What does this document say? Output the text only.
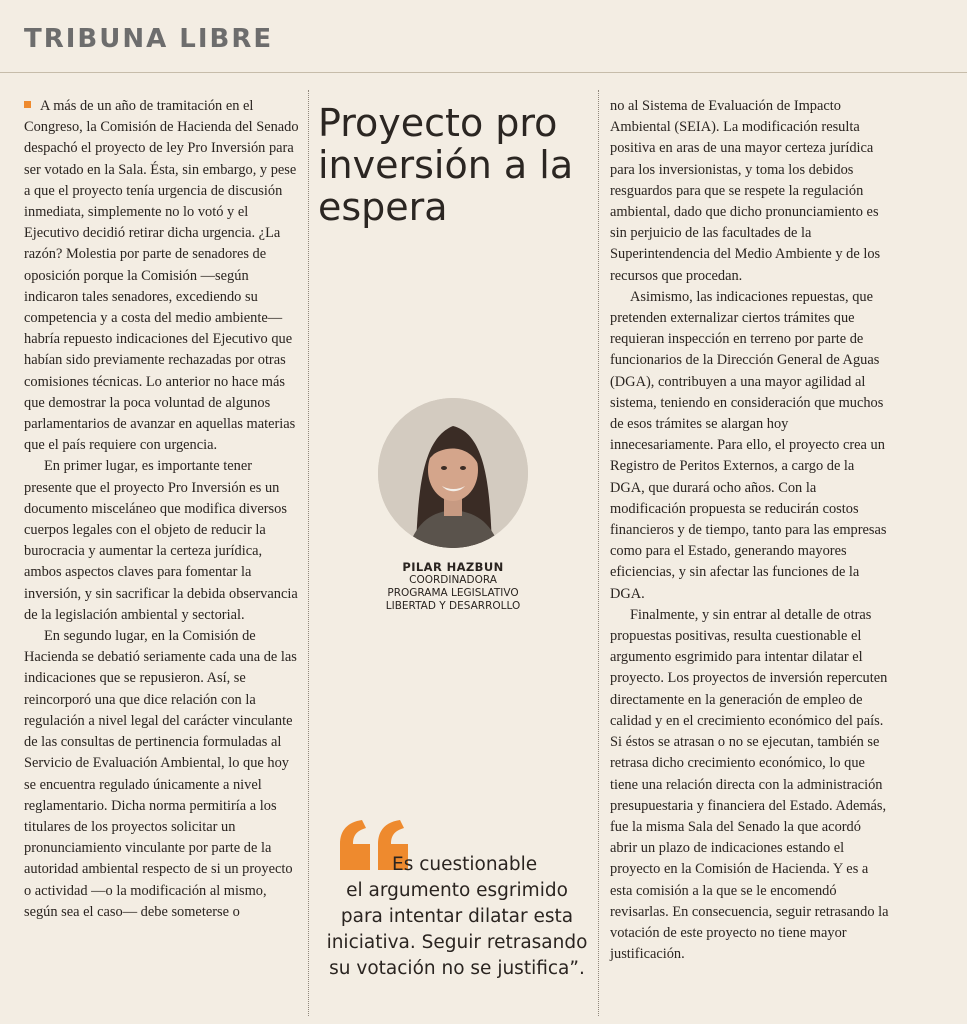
TRIBUNA LIBRE

A más de un año de tramitación en el Congreso, la Comisión de Hacienda del Senado despachó el proyecto de ley Pro Inversión para ser votado en la Sala. Ésta, sin embargo, y pese a que el proyecto tenía urgencia de discusión inmediata, simplemente no lo votó y el Ejecutivo decidió retirar dicha urgencia. ¿La razón? Molestia por parte de senadores de oposición porque la Comisión —según indicaron tales senadores, excediendo su competencia y a costa del medio ambiente— habría repuesto indicaciones del Ejecutivo que habían sido previamente rechazadas por otras comisiones técnicas. Lo anterior no hace más que demostrar la poca voluntad de algunos parlamentarios de avanzar en aquellas materias que el país requiere con urgencia.

En primer lugar, es importante tener presente que el proyecto Pro Inversión es un documento misceláneo que modifica diversos cuerpos legales con el objeto de reducir la burocracia y aumentar la certeza jurídica, ambos aspectos claves para fomentar la inversión, y sin sacrificar la debida observancia de la legislación ambiental y sectorial.

En segundo lugar, en la Comisión de Hacienda se debatió seriamente cada una de las indicaciones que se repusieron. Así, se reincorporó una que dice relación con la regulación a nivel legal del carácter vinculante de las consultas de pertinencia formuladas al Servicio de Evaluación Ambiental, lo que hoy se encuentra regulado únicamente a nivel reglamentario. Dicha norma permitiría a los titulares de los proyectos solicitar un pronunciamiento vinculante por parte de la autoridad ambiental respecto de si un proyecto o actividad —o la modificación al mismo, según sea el caso— debe someterse o

Proyecto pro inversión a la espera
PILAR HAZBUN
COORDINADORA
PROGRAMA LEGISLATIVO
LIBERTAD Y DESARROLLO
Es cuestionable
el argumento esgrimido para intentar dilatar esta iniciativa. Seguir retrasando su votación no se justifica”.

no al Sistema de Evaluación de Impacto Ambiental (SEIA). La modificación resulta positiva en aras de una mayor certeza jurídica para los inversionistas, y toma los debidos resguardos para que se respete la regulación ambiental, dado que dicho pronunciamiento es sin perjuicio de las facultades de la Superintendencia del Medio Ambiente y de los recursos que procedan.

Asimismo, las indicaciones repuestas, que pretenden externalizar ciertos trámites que requieran inspección en terreno por parte de funcionarios de la Dirección General de Aguas (DGA), contribuyen a una mayor agilidad al sistema, teniendo en consideración que muchos de esos trámites se alargan hoy innecesariamente. Para ello, el proyecto crea un Registro de Peritos Externos, a cargo de la DGA, que durará ocho años. Con la modificación propuesta se reducirán costos financieros y de tiempo, tanto para las empresas como para el Estado, generando mayores eficiencias, y sin afectar las funciones de la DGA.

Finalmente, y sin entrar al detalle de otras propuestas positivas, resulta cuestionable el argumento esgrimido para intentar dilatar el proyecto. Los proyectos de inversión repercuten directamente en la generación de empleo de calidad y en el crecimiento económico del país. Si éstos se atrasan o no se ejecutan, también se retrasa dicho crecimiento económico, lo que tiene una relación directa con la administración presupuestaria y financiera del Estado. Además, fue la misma Sala del Senado la que acordó abrir un plazo de indicaciones estando el proyecto en la Comisión de Hacienda. Y es a esta comisión a la que se le encomendó revisarlas. En consecuencia, seguir retrasando la votación de este proyecto no tiene mayor justificación.
